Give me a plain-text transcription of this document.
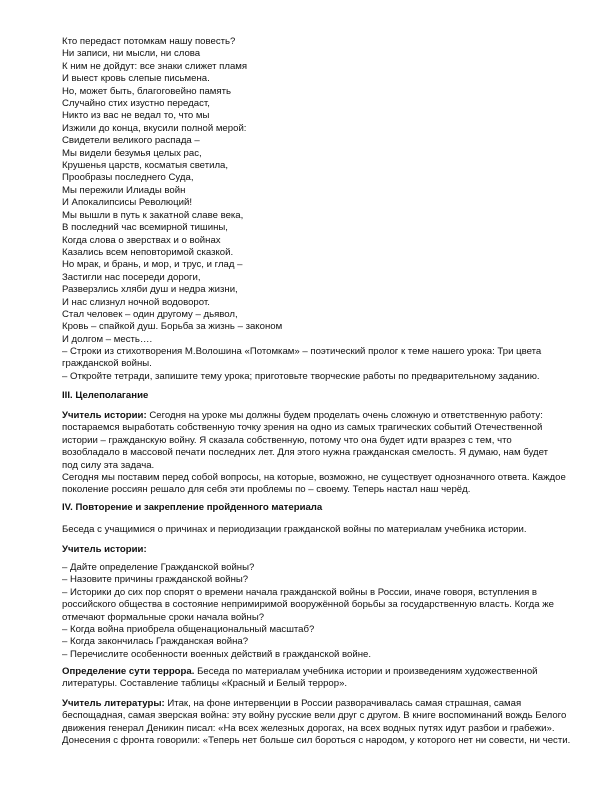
Кто передаст потомкам нашу повесть?
Ни записи, ни мысли, ни слова
К ним не дойдут: все знаки слижет пламя
И выест кровь слепые письмена.
Но, может быть, благоговейно память
Случайно стих изустно передаст,
Никто из вас не ведал то, что мы
Изжили до конца, вкусили полной мерой:
Свидетели великого распада –
Мы видели безумья целых рас,
Крушенья царств, косматыя светила,
Прообразы последнего Суда,
Мы пережили Илиады войн
И Апокалипсисы Революций!
Мы вышли в путь к закатной славе века,
В последний час всемирной тишины,
Когда слова о зверствах и о войнах
Казались всем неповторимой сказкой.
Но мрак, и брань, и мор, и трус, и глад –
Застигли нас посереди дороги,
Разверзлись хляби душ и недра жизни,
И нас слизнул ночной водоворот.
Стал человек – один другому – дьявол,
Кровь – спайкой душ. Борьба за жизнь – законом
И долгом – месть….
– Строки из стихотворения М.Волошина «Потомкам» – поэтический пролог к теме нашего урока: Три цвета
гражданской войны.
– Откройте тетради, запишите тему урока; приготовьте творческие работы по предварительному заданию.
III. Целеполагание
Учитель истории: Сегодня на уроке мы должны будем проделать очень сложную и ответственную работу:
постараемся выработать собственную точку зрения на одно из самых трагических событий Отечественной
истории – гражданскую войну. Я сказала собственную, потому что она будет идти вразрез с тем, что
возобладало в массовой печати последних лет. Для этого нужна гражданская смелость. Я думаю, нам будет
под силу эта задача.
Сегодня мы поставим перед собой вопросы, на которые, возможно, не существует однозначного ответа. Каждое
поколение россиян решало для себя эти проблемы по – своему. Теперь настал наш черёд.
IV. Повторение и закрепление пройденного материала
Беседа с учащимися о причинах и периодизации гражданской войны по материалам учебника истории.
Учитель истории:
– Дайте определение Гражданской войны?
– Назовите причины гражданской войны?
– Историки до сих пор спорят о времени начала гражданской войны в России, иначе говоря, вступления в
российского общества в состояние непримиримой вооружённой борьбы за государственную власть. Когда же
отмечают формальные сроки начала войны?
– Когда война приобрела общенациональный масштаб?
– Когда закончилась Гражданская война?
– Перечислите особенности военных действий в гражданской войне.
Определение сути террора. Беседа по материалам учебника истории и произведениям художественной
литературы. Составление таблицы «Красный и Белый террор».
Учитель литературы: Итак, на фоне интервенции в России разворачивалась самая страшная, самая
беспощадная, самая зверская война: эту войну русские вели друг с другом. В книге воспоминаний вождь Белого
движения генерал Деникин писал: «На всех железных дорогах, на всех водных путях идут разбои и грабежи».
Донесения с фронта говорили: «Теперь нет больше сил бороться с народом, у которого нет ни совести, ни чести.
